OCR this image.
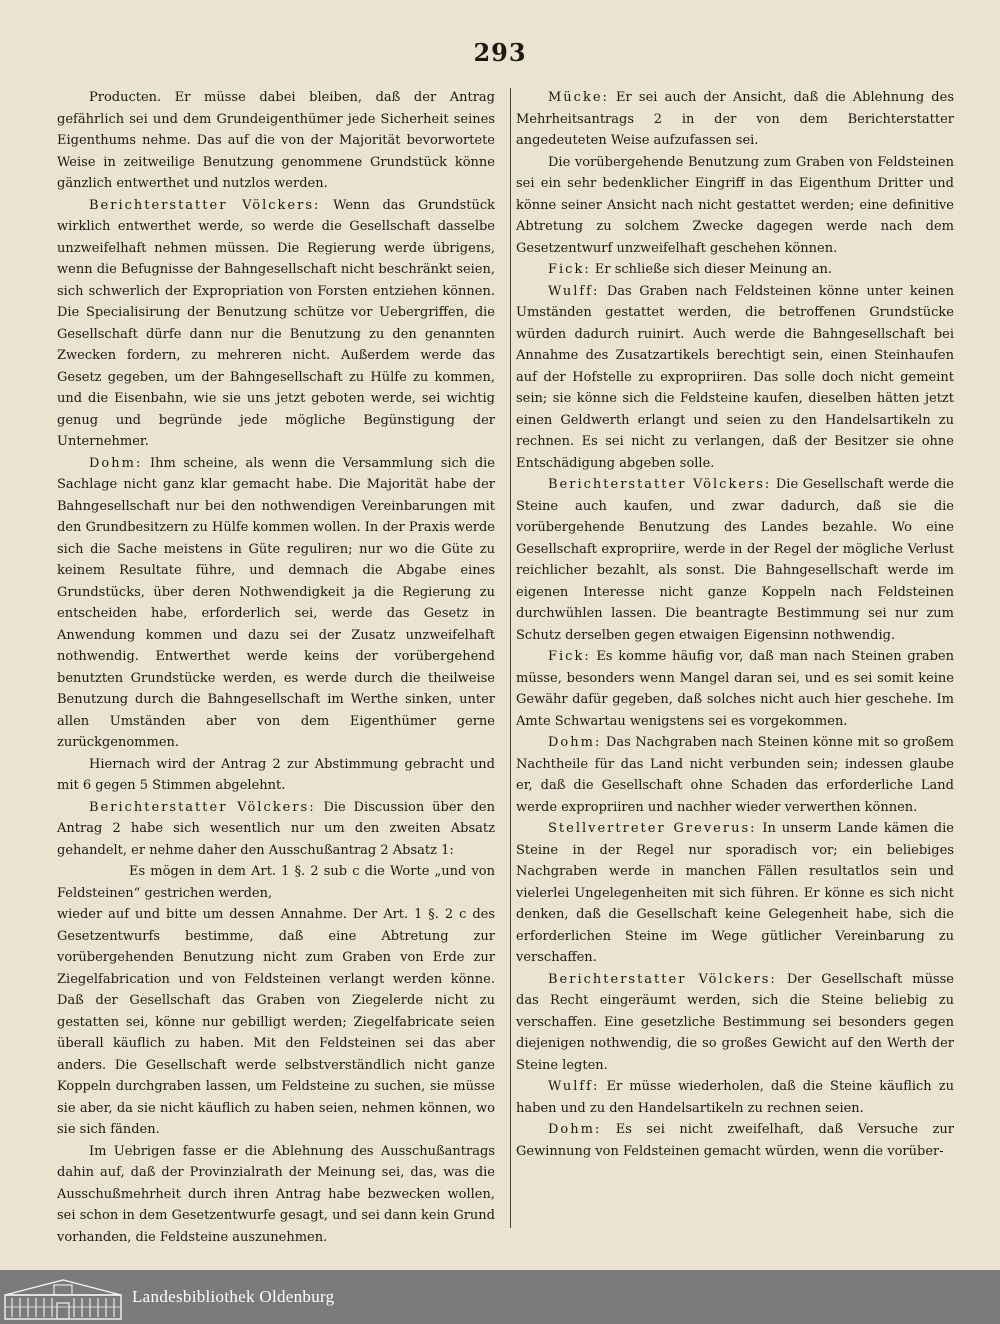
293

Producten. Er müsse dabei bleiben, daß der Antrag gefährlich sei und dem Grundeigenthümer jede Sicherheit seines Eigenthums nehme. Das auf die von der Majorität bevorwortete Weise in zeitweilige Benutzung genommene Grundstück könne gänzlich entwerthet und nutzlos werden.

Berichterstatter Völckers: Wenn das Grundstück wirklich entwerthet werde, so werde die Gesellschaft dasselbe unzweifelhaft nehmen müssen. Die Regierung werde übrigens, wenn die Befugnisse der Bahngesellschaft nicht beschränkt seien, sich schwerlich der Expropriation von Forsten entziehen können. Die Specialisirung der Benutzung schütze vor Uebergriffen, die Gesellschaft dürfe dann nur die Benutzung zu den genannten Zwecken fordern, zu mehreren nicht. Außerdem werde das Gesetz gegeben, um der Bahngesellschaft zu Hülfe zu kommen, und die Eisenbahn, wie sie uns jetzt geboten werde, sei wichtig genug und begründe jede mögliche Begünstigung der Unternehmer.

Dohm: Ihm scheine, als wenn die Versammlung sich die Sachlage nicht ganz klar gemacht habe. Die Majorität habe der Bahngesellschaft nur bei den nothwendigen Vereinbarungen mit den Grundbesitzern zu Hülfe kommen wollen. In der Praxis werde sich die Sache meistens in Güte reguliren; nur wo die Güte zu keinem Resultate führe, und demnach die Abgabe eines Grundstücks, über deren Nothwendigkeit ja die Regierung zu entscheiden habe, erforderlich sei, werde das Gesetz in Anwendung kommen und dazu sei der Zusatz unzweifelhaft nothwendig. Entwerthet werde keins der vorübergehend benutzten Grundstücke werden, es werde durch die theilweise Benutzung durch die Bahngesellschaft im Werthe sinken, unter allen Umständen aber von dem Eigenthümer gerne zurückgenommen.

Hiernach wird der Antrag 2 zur Abstimmung gebracht und mit 6 gegen 5 Stimmen abgelehnt.

Berichterstatter Völckers: Die Discussion über den Antrag 2 habe sich wesentlich nur um den zweiten Absatz gehandelt, er nehme daher den Ausschußantrag 2 Absatz 1:

Es mögen in dem Art. 1 §. 2 sub c die Worte „und von Feldsteinen“ gestrichen werden,

wieder auf und bitte um dessen Annahme. Der Art. 1 §. 2 c des Gesetzentwurfs bestimme, daß eine Abtretung zur vorübergehenden Benutzung nicht zum Graben von Erde zur Ziegelfabrication und von Feldsteinen verlangt werden könne. Daß der Gesellschaft das Graben von Ziegelerde nicht zu gestatten sei, könne nur gebilligt werden; Ziegelfabricate seien überall käuflich zu haben. Mit den Feldsteinen sei das aber anders. Die Gesellschaft werde selbstverständlich nicht ganze Koppeln durchgraben lassen, um Feldsteine zu suchen, sie müsse sie aber, da sie nicht käuflich zu haben seien, nehmen können, wo sie sich fänden.

Im Uebrigen fasse er die Ablehnung des Ausschußantrags dahin auf, daß der Provinzialrath der Meinung sei, das, was die Ausschußmehrheit durch ihren Antrag habe bezwecken wollen, sei schon in dem Gesetzentwurfe gesagt, und sei dann kein Grund vorhanden, die Feldsteine auszunehmen.

Mücke: Er sei auch der Ansicht, daß die Ablehnung des Mehrheitsantrags 2 in der von dem Berichterstatter angedeuteten Weise aufzufassen sei.

Die vorübergehende Benutzung zum Graben von Feldsteinen sei ein sehr bedenklicher Eingriff in das Eigenthum Dritter und könne seiner Ansicht nach nicht gestattet werden; eine definitive Abtretung zu solchem Zwecke dagegen werde nach dem Gesetzentwurf unzweifelhaft geschehen können.

Fick: Er schließe sich dieser Meinung an.

Wulff: Das Graben nach Feldsteinen könne unter keinen Umständen gestattet werden, die betroffenen Grundstücke würden dadurch ruinirt. Auch werde die Bahngesellschaft bei Annahme des Zusatzartikels berechtigt sein, einen Steinhaufen auf der Hofstelle zu expropriiren. Das solle doch nicht gemeint sein; sie könne sich die Feldsteine kaufen, dieselben hätten jetzt einen Geldwerth erlangt und seien zu den Handelsartikeln zu rechnen. Es sei nicht zu verlangen, daß der Besitzer sie ohne Entschädigung abgeben solle.

Berichterstatter Völckers: Die Gesellschaft werde die Steine auch kaufen, und zwar dadurch, daß sie die vorübergehende Benutzung des Landes bezahle. Wo eine Gesellschaft expropriire, werde in der Regel der mögliche Verlust reichlicher bezahlt, als sonst. Die Bahngesellschaft werde im eigenen Interesse nicht ganze Koppeln nach Feldsteinen durchwühlen lassen. Die beantragte Bestimmung sei nur zum Schutz derselben gegen etwaigen Eigensinn nothwendig.

Fick: Es komme häufig vor, daß man nach Steinen graben müsse, besonders wenn Mangel daran sei, und es sei somit keine Gewähr dafür gegeben, daß solches nicht auch hier geschehe. Im Amte Schwartau wenigstens sei es vorgekommen.

Dohm: Das Nachgraben nach Steinen könne mit so großem Nachtheile für das Land nicht verbunden sein; indessen glaube er, daß die Gesellschaft ohne Schaden das erforderliche Land werde expropriiren und nachher wieder verwerthen können.

Stellvertreter Greverus: In unserm Lande kämen die Steine in der Regel nur sporadisch vor; ein beliebiges Nachgraben werde in manchen Fällen resultatlos sein und vielerlei Ungelegenheiten mit sich führen. Er könne es sich nicht denken, daß die Gesellschaft keine Gelegenheit habe, sich die erforderlichen Steine im Wege gütlicher Vereinbarung zu verschaffen.

Berichterstatter Völckers: Der Gesellschaft müsse das Recht eingeräumt werden, sich die Steine beliebig zu verschaffen. Eine gesetzliche Bestimmung sei besonders gegen diejenigen nothwendig, die so großes Gewicht auf den Werth der Steine legten.

Wulff: Er müsse wiederholen, daß die Steine käuflich zu haben und zu den Handelsartikeln zu rechnen seien.

Dohm: Es sei nicht zweifelhaft, daß Versuche zur Gewinnung von Feldsteinen gemacht würden, wenn die vorüber-

Landesbibliothek Oldenburg
